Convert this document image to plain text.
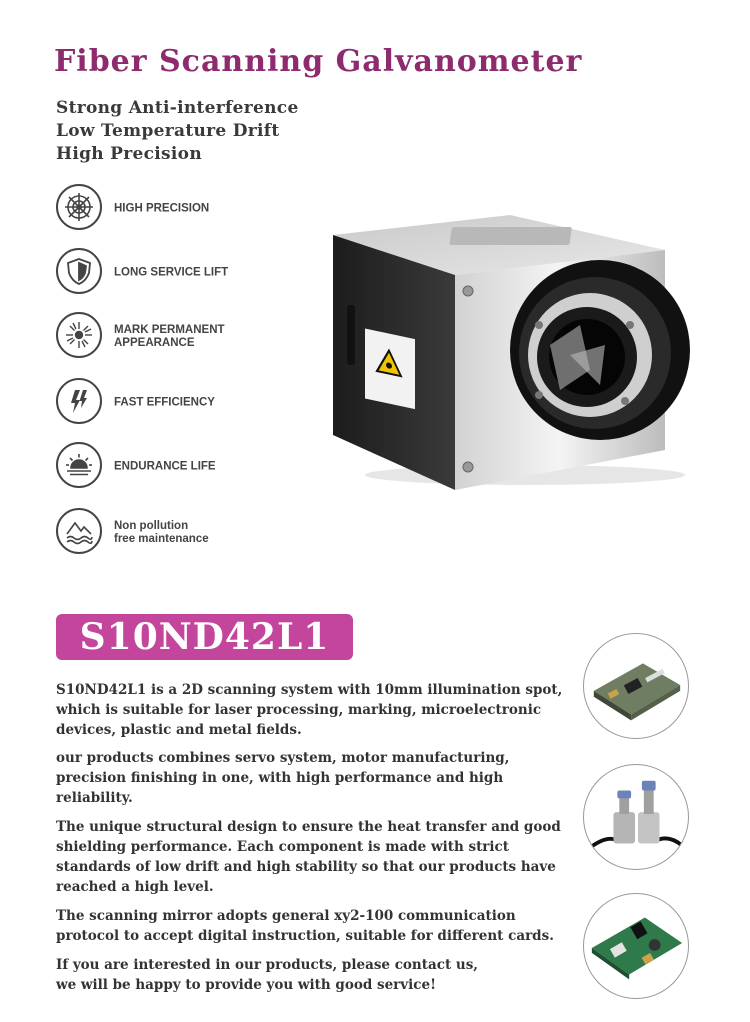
Fiber Scanning Galvanometer
Strong Anti-interference
Low Temperature Drift
High Precision
HIGH PRECISION
LONG SERVICE LIFT
MARK PERMANENT
APPEARANCE
FAST EFFICIENCY
ENDURANCE LIFE
Non pollution
free maintenance
S10ND42L1

S10ND42L1 is a 2D scanning system with 10mm illumination spot, which is suitable for laser processing, marking, microelectronic devices, plastic and metal fields.

our products combines servo system, motor manufacturing, precision finishing in one, with high performance and high reliability.

The unique structural design to ensure the heat transfer and good shielding performance. Each component is made with strict standards of low drift and high stability so that our products have reached a high level.

The scanning mirror adopts general xy2-100 communication protocol to accept digital instruction, suitable for different cards.

If you are interested in our products, please contact us, we will be happy to provide you with good service!
